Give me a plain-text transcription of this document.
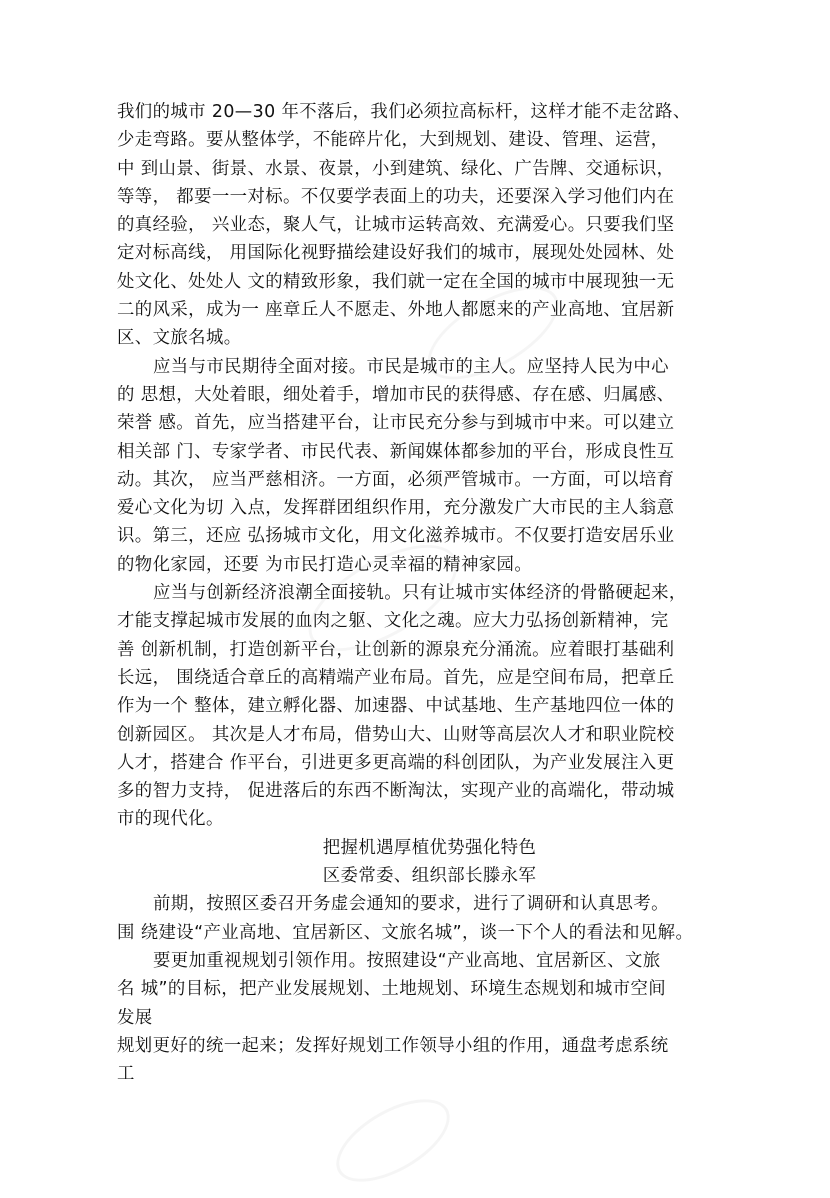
我们的城市 20—30 年不落后，我们必须拉高标杆，这样才能不走岔路、
少走弯路。要从整体学，不能碎片化，大到规划、建设、管理、运营，
中 到山景、街景、水景、夜景，小到建筑、绿化、广告牌、交通标识，
等等， 都要一一对标。不仅要学表面上的功夫，还要深入学习他们内在
的真经验， 兴业态，聚人气，让城市运转高效、充满爱心。只要我们坚
定对标高线， 用国际化视野描绘建设好我们的城市，展现处处园林、处
处文化、处处人 文的精致形象，我们就一定在全国的城市中展现独一无
二的风采，成为一 座章丘人不愿走、外地人都愿来的产业高地、宜居新
区、文旅名城。
应当与市民期待全面对接。市民是城市的主人。应坚持人民为中心
的 思想，大处着眼，细处着手，增加市民的获得感、存在感、归属感、
荣誉 感。首先，应当搭建平台，让市民充分参与到城市中来。可以建立
相关部 门、专家学者、市民代表、新闻媒体都参加的平台，形成良性互
动。其次， 应当严慈相济。一方面，必须严管城市。一方面，可以培育
爱心文化为切 入点，发挥群团组织作用，充分激发广大市民的主人翁意
识。第三，还应 弘扬城市文化，用文化滋养城市。不仅要打造安居乐业
的物化家园，还要 为市民打造心灵幸福的精神家园。
应当与创新经济浪潮全面接轨。只有让城市实体经济的骨骼硬起来，
才能支撑起城市发展的血肉之躯、文化之魂。应大力弘扬创新精神，完
善 创新机制，打造创新平台，让创新的源泉充分涌流。应着眼打基础利
长远， 围绕适合章丘的高精端产业布局。首先，应是空间布局，把章丘
作为一个 整体，建立孵化器、加速器、中试基地、生产基地四位一体的
创新园区。 其次是人才布局，借势山大、山财等高层次人才和职业院校
人才，搭建合 作平台，引进更多更高端的科创团队，为产业发展注入更
多的智力支持， 促进落后的东西不断淘汰，实现产业的高端化，带动城
市的现代化。
把握机遇厚植优势强化特色
区委常委、组织部长滕永军
前期，按照区委召开务虚会通知的要求，进行了调研和认真思考。
围 绕建设“产业高地、宜居新区、文旅名城”，谈一下个人的看法和见解。
要更加重视规划引领作用。按照建设“产业高地、宜居新区、文旅
名 城”的目标，把产业发展规划、土地规划、环境生态规划和城市空间
发展
规划更好的统一起来；发挥好规划工作领导小组的作用，通盘考虑系统
工
